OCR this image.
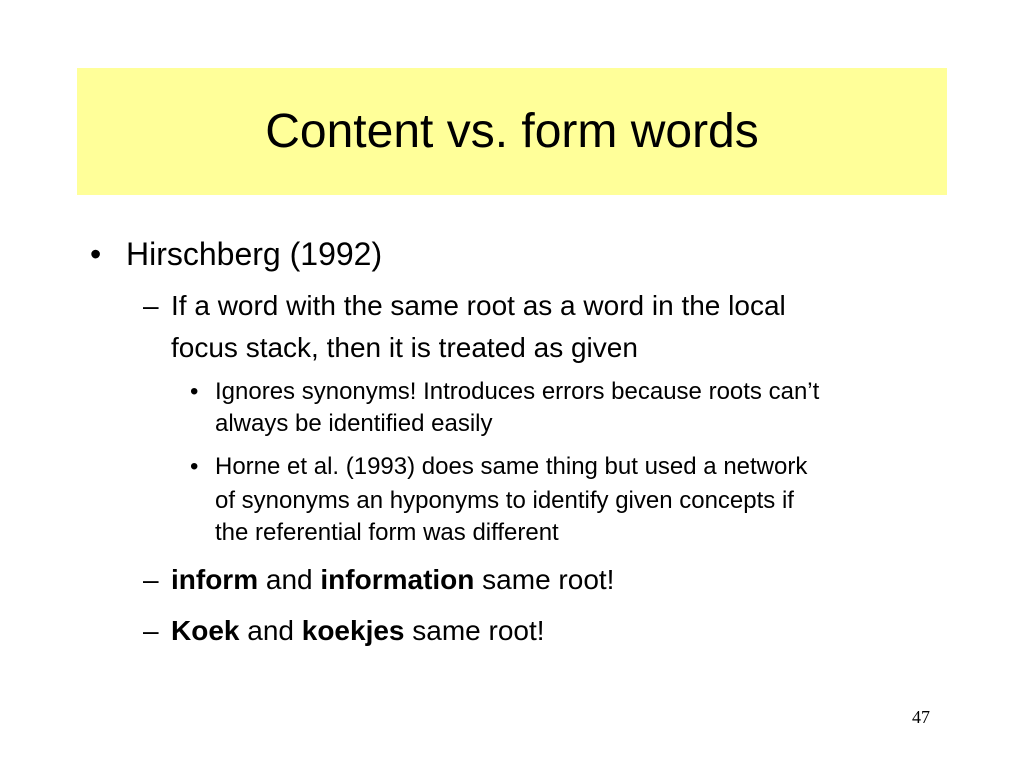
Content vs. form words
• Hirschberg (1992)
– If a word with the same root as a word in the local
focus stack, then it is treated as given
• Ignores synonyms! Introduces errors because roots can’t
always be identified easily
• Horne et al. (1993) does same thing but used a network
of synonyms an hyponyms to identify given concepts if
the referential form was different
– inform and information same root!
– Koek and koekjes same root!
47
